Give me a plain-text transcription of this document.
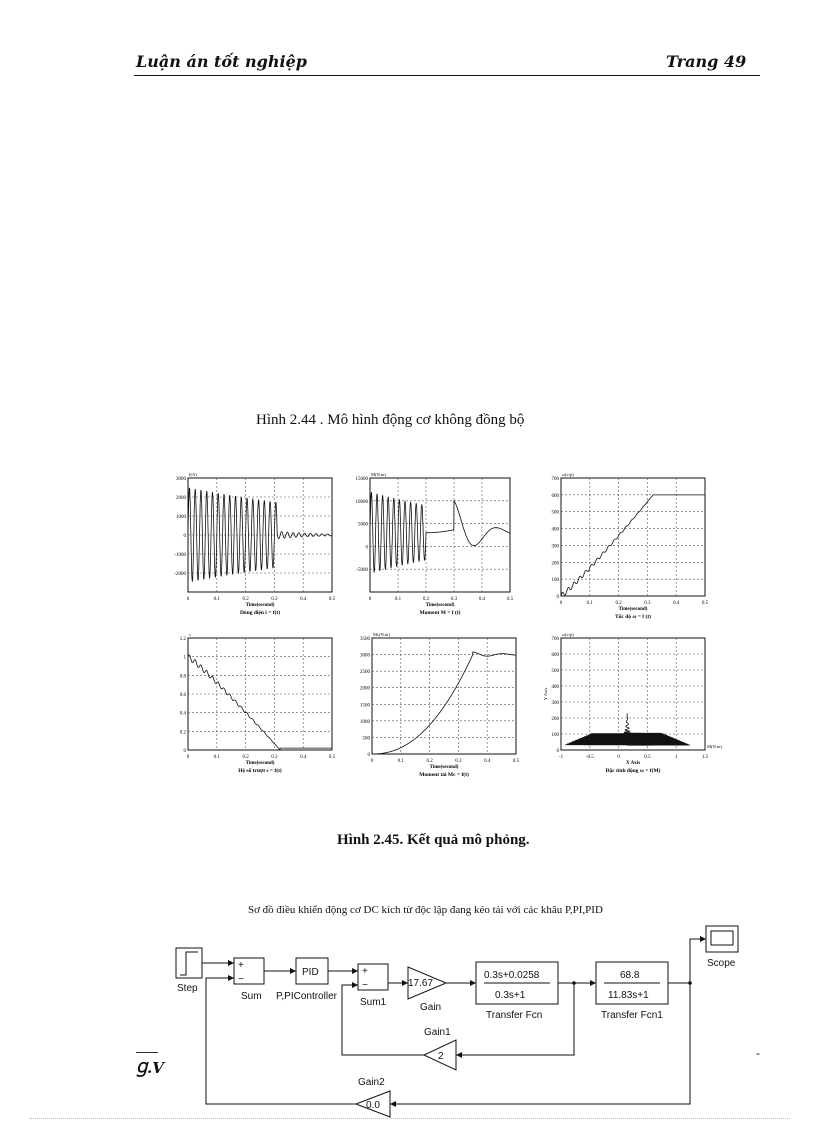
Luận án tốt nghiệp	Trang 49
Hình 2.44 . Mô hình động cơ không đồng bộ
Hình 2.45. Kết quả mô phỏng.
0	0.1	0.2	0.3	0.4	0.5
3000
2000
1000
0
-1000
-2000
I(A)
Time(second)
Dòng điện i = f(t)
0	0.1	0.2	0.3	0.4	0.5
15000
10000
5000
0
-5000
M(N.m)
Time(second)
Moment M = f (t)
0	0.1	0.2	0.3	0.4	0.5
700
600
500
400
300
200
100
0
ω(v/p)
Time(second)
Tốc độ ω = f (t)
0	0.1	0.2	0.3	0.4	0.5
1.2
1
0.8
0.6
0.4
0.2
0
s
Time(second)
Hệ số trượt s = f(t)
0	0.1	0.2	0.3	0.4	0.5
3500
3000
2500
2000
1500
1000
500
0
Mc(N.m)
Time(second)
Moment tải Mc = f(t)
-1	-0.5	0	0.5	1	1.5
700
600
500
400
300
200
100
0
ω(v/p)
X Axis
Đặc tính động ω = f(M)
Y Axis
M(N.m)
Sơ đồ điều khiển động cơ DC kích từ độc lập đang kéo tải với các khâu P,PI,PID
Step
+
−
Sum
PID
P,PIController
+
−
Sum1
17.67
Gain
0.3s+0.0258
0.3s+1
Transfer Fcn
68.8
11.83s+1
Transfer Fcn1
Scope
2
Gain1
0.0
Gain2
Ɡ.V
-
